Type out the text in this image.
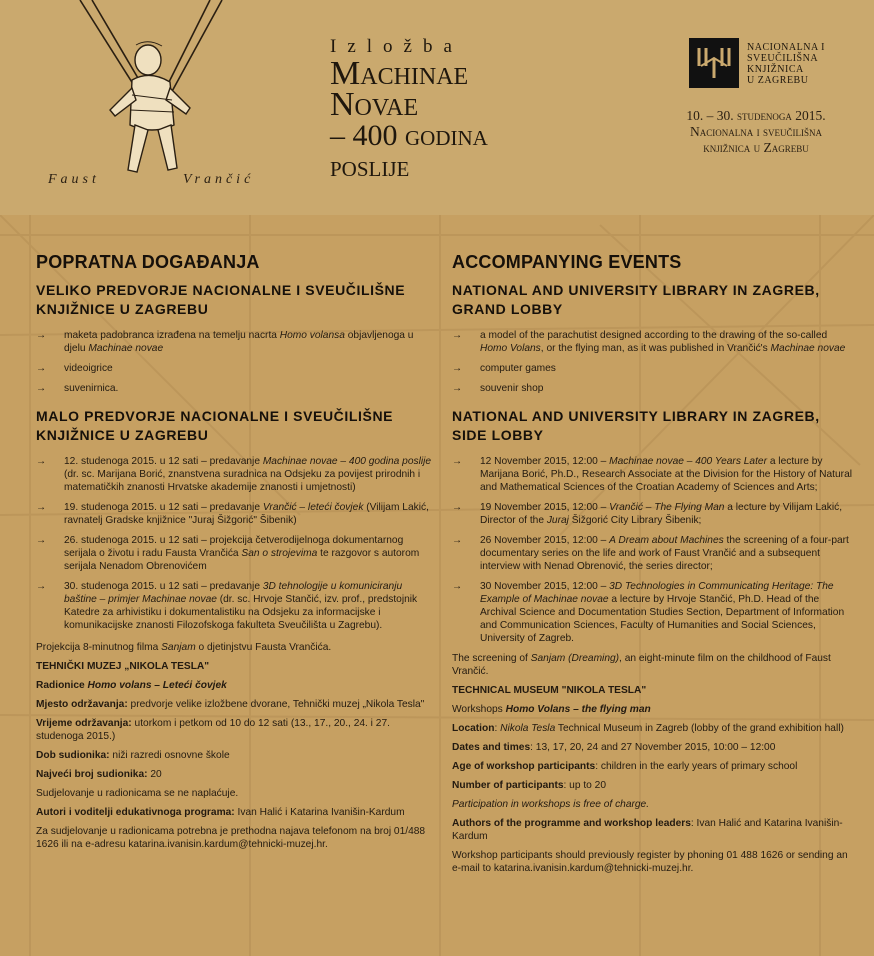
Faust	Vrančić
Izložba
Machinae
Novae
– 400 godina
poslije
NACIONALNA I
SVEUČILIŠNA
KNJIŽNICA
U ZAGREBU
10. – 30. studenoga 2015.
Nacionalna i sveučilišna
knjižnica u Zagrebu
POPRATNA DOGAĐANJA
VELIKO PREDVORJE NACIONALNE I SVEUČILIŠNE KNJIŽNICE U ZAGREBU
→ maketa padobranca izrađena na temelju nacrta Homo volansa objavljenoga u djelu Machinae novae
→ videoigrice
→ suvenirnica.
MALO PREDVORJE NACIONALNE I SVEUČILIŠNE KNJIŽNICE U ZAGREBU
→ 12. studenoga 2015. u 12 sati – predavanje Machinae novae – 400 godina poslije (dr. sc. Marijana Borić, znanstvena suradnica na Odsjeku za povijest prirodnih i matematičkih znanosti Hrvatske akademije znanosti i umjetnosti)
→ 19. studenoga 2015. u 12 sati – predavanje Vrančić – leteći čovjek (Vilijam Lakić, ravnatelj Gradske knjižnice "Juraj Šižgorić" Šibenik)
→ 26. studenoga 2015. u 12 sati – projekcija četverodijelnoga dokumentarnog serijala o životu i radu Fausta Vrančića San o strojevima te razgovor s autorom serijala Nenadom Obrenovićem
→ 30. studenoga 2015. u 12 sati – predavanje 3D tehnologije u komuniciranju baštine – primjer Machinae novae (dr. sc. Hrvoje Stančić, izv. prof., predstojnik Katedre za arhivistiku i dokumentalistiku na Odsjeku za informacijske i komunikacijske znanosti Filozofskoga fakulteta Sveučilišta u Zagrebu).

Projekcija 8-minutnog filma Sanjam o djetinjstvu Fausta Vrančića.

TEHNIČKI MUZEJ „NIKOLA TESLA"

Radionice Homo volans – Leteći čovjek

Mjesto održavanja: predvorje velike izložbene dvorane, Tehnički muzej „Nikola Tesla"

Vrijeme održavanja: utorkom i petkom od 10 do 12 sati (13., 17., 20., 24. i 27. studenoga 2015.)

Dob sudionika: niži razredi osnovne škole

Najveći broj sudionika: 20

Sudjelovanje u radionicama se ne naplaćuje.

Autori i voditelji edukativnoga programa: Ivan Halić i Katarina Ivanišin-Kardum

Za sudjelovanje u radionicama potrebna je prethodna najava telefonom na broj 01/488 1626 ili na e-adresu katarina.ivanisin.kardum@tehnicki-muzej.hr.

ACCOMPANYING EVENTS
NATIONAL AND UNIVERSITY LIBRARY IN ZAGREB, GRAND LOBBY
→ a model of the parachutist designed according to the drawing of the so-called Homo Volans, or the flying man, as it was published in Vrančić's Machinae novae
→ computer games
→ souvenir shop
NATIONAL AND UNIVERSITY LIBRARY IN ZAGREB, SIDE LOBBY
→ 12 November 2015, 12:00 – Machinae novae – 400 Years Later a lecture by Marijana Borić, Ph.D., Research Associate at the Division for the History of Natural and Mathematical Sciences of the Croatian Academy of Sciences and Arts;
→ 19 November 2015, 12:00 – Vrančić – The Flying Man a lecture by Vilijam Lakić, Director of the Juraj Šižgorić City Library Šibenik;
→ 26 November 2015, 12:00 – A Dream about Machines the screening of a four-part documentary series on the life and work of Faust Vrančić and a subsequent interview with Nenad Obrenović, the series director;
→ 30 November 2015, 12:00 – 3D Technologies in Communicating Heritage: The Example of Machinae novae a lecture by Hrvoje Stančić, Ph.D. Head of the Archival Science and Documentation Studies Section, Department of Information and Communication Sciences, Faculty of Humanities and Social Sciences, University of Zagreb.

The screening of Sanjam (Dreaming), an eight-minute film on the childhood of Faust Vrančić.

TECHNICAL MUSEUM "NIKOLA TESLA"

Workshops Homo Volans – the flying man

Location: Nikola Tesla Technical Museum in Zagreb (lobby of the grand exhibition hall)

Dates and times: 13, 17, 20, 24 and 27 November 2015, 10:00 – 12:00

Age of workshop participants: children in the early years of primary school

Number of participants: up to 20

Participation in workshops is free of charge.

Authors of the programme and workshop leaders: Ivan Halić and Katarina Ivanišin-Kardum

Workshop participants should previously register by phoning 01 488 1626 or sending an e-mail to katarina.ivanisin.kardum@tehnicki-muzej.hr.
